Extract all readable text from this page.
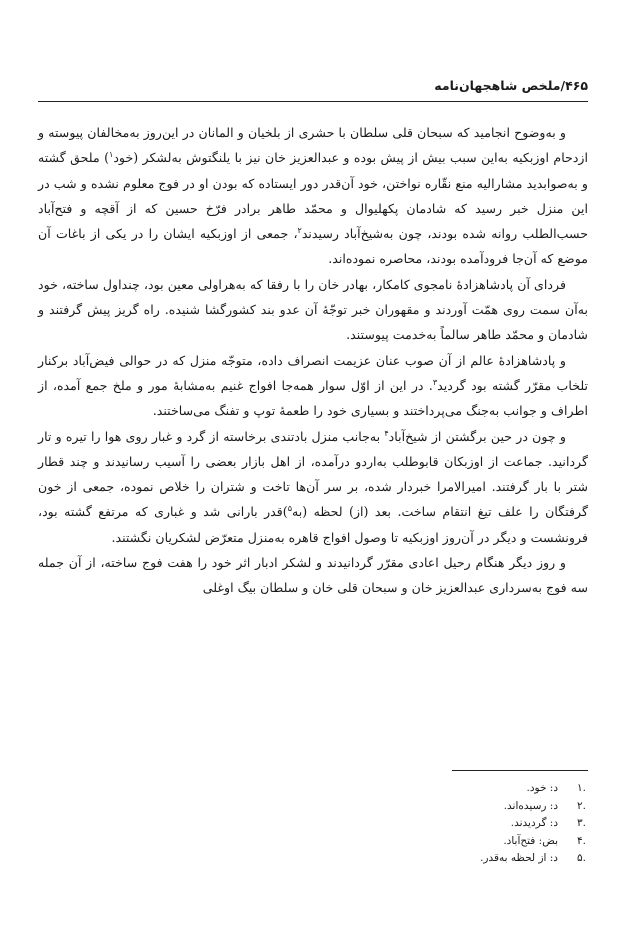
۴۶۵/ملخص شاهجهان‌نامه

و به‌وضوح انجامید که سبحان قلی سلطان با حشری از بلخیان و المانان در این‌روز به‌مخالفان پیوسته و ازدحام اوزبکیه به‌این سبب بیش از پیش بوده و عبدالعزیز خان نیز با یلنگتوش به‌لشکر (خود$^۱$) ملحق گشته و به‌صوابدید مشارالیه منع نقّاره نواختن، خود آن‌قدر دور ایستاده که بودن او در فوج معلوم نشده و شب در این منزل خبر رسید که شادمان پکهلیوال و محمّد طاهر برادر فرّخ حسین که از آقچه و فتح‌آباد حسب‌الطلب روانه شده بودند، چون به‌شیخ‌آباد رسیدند$^۲$، جمعی از اوزبکیه ایشان را در یکی از باغات آن موضع که آن‌جا فرودآمده بودند، محاصره نموده‌اند.

فردای آن پادشاهزادهٔ نامجوی کامکار، بهادر خان را با رفقا که به‌هراولی معین بود، چنداول ساخته، خود به‌آن سمت روی همّت آوردند و مقهوران خبر توجّهٔ آن عدو بند کشورگشا شنیده. راه گریز پیش گرفتند و شادمان و محمّد طاهر سالماً به‌خدمت پیوستند.

و پادشاهزادهٔ عالم از آن صوب عنان عزیمت انصراف داده، متوجّه منزل که در حوالی فیض‌آباد برکنار تلخاب مقرّر گشته بود گردید$^۳$. در این از اوّل سوار همه‌جا افواج غنیم به‌مشابهٔ مور و ملخ جمع آمده، از اطراف و جوانب به‌جنگ می‌پرداختند و بسیاری خود را طعمهٔ توپ و تفنگ می‌ساختند.

و چون در حین برگشتن از شیخ‌آباد$^۴$ به‌جانب منزل بادتندی برخاسته از گرد و غبار روی هوا را تیره و تار گردانید. جماعت از اوزبکان قابوطلب به‌اردو درآمده، از اهل بازار بعضی را آسیب رسانیدند و چند قطار شتر با بار گرفتند. امیرالامرا خبردار شده، بر سر آن‌ها تاخت و شتران را خلاص نموده، جمعی از خون گرفتگان را علف تیغ انتقام ساخت. بعد (از) لحظه (به$^۵$)قدر بارانی شد و غباری که مرتفع گشته بود، فرونشست و دیگر در آن‌روز اوزبکیه تا وصول افواج قاهره به‌منزل متعرّض لشکریان نگشتند.

و روز دیگر هنگام رحیل اعادی مقرّر گردانیدند و لشکر ادبار اثر خود را هفت فوج ساخته، از آن جمله سه فوج به‌سرداری عبدالعزیز خان و سبحان قلی خان و سلطان بیگ اوغلی

۱.
د: خود.
۲.
د: رسیده‌اند.
۳.
د: گردیدند.
۴.
بض: فتح‌آباد.
۵.
د: از لحظه به‌قدر.
